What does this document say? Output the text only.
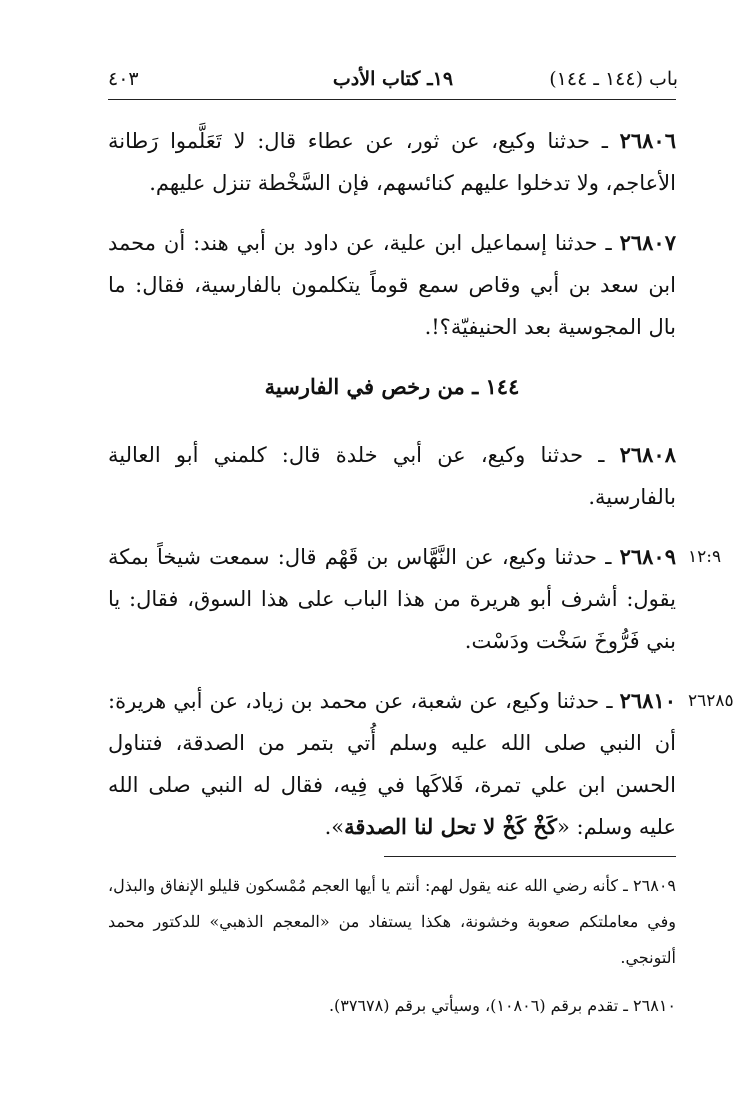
باب (١٤٤ ـ ١٤٤)
١٩ـ كتاب الأدب
٤٠٣

٢٦٨٠٦ ـ حدثنا وكيع، عن ثور، عن عطاء قال: لا تَعَلَّموا رَطانة الأعاجم، ولا تدخلوا عليهم كنائسهم، فإن السَّخْطة تنزل عليهم.

٢٦٨٠٧ ـ حدثنا إسماعيل ابن علية، عن داود بن أبي هند: أن محمد ابن سعد بن أبي وقاص سمع قوماً يتكلمون بالفارسية، فقال: ما بال المجوسية بعد الحنيفيّة؟!.

١٤٤ ـ من رخص في الفارسية

٢٦٨٠٨ ـ حدثنا وكيع، عن أبي خلدة قال: كلمني أبو العالية بالفارسية.

١٢:٩
٢٦٨٠٩ ـ حدثنا وكيع، عن النَّهَّاس بن قَهْم قال: سمعت شيخاً بمكة يقول: أشرف أبو هريرة من هذا الباب على هذا السوق، فقال: يا بني فَرُّوخَ سَخْت ودَسْت.

٢٦٢٨٥
٢٦٨١٠ ـ حدثنا وكيع، عن شعبة، عن محمد بن زياد، عن أبي هريرة: أن النبي صلى الله عليه وسلم أُتي بتمر من الصدقة، فتناول الحسن ابن علي تمرة، فَلاكَها في فِيه، فقال له النبي صلى الله عليه وسلم: «كَخْ كَخْ لا تحل لنا الصدقة».

٢٦٨٠٩ ـ كأنه رضي الله عنه يقول لهم: أنتم يا أيها العجم مُمْسكون قليلو الإنفاق والبذل، وفي معاملتكم صعوبة وخشونة، هكذا يستفاد من «المعجم الذهبي» للدكتور محمد ألتونجي.

٢٦٨١٠ ـ تقدم برقم (١٠٨٠٦)، وسيأتي برقم (٣٧٦٧٨).
